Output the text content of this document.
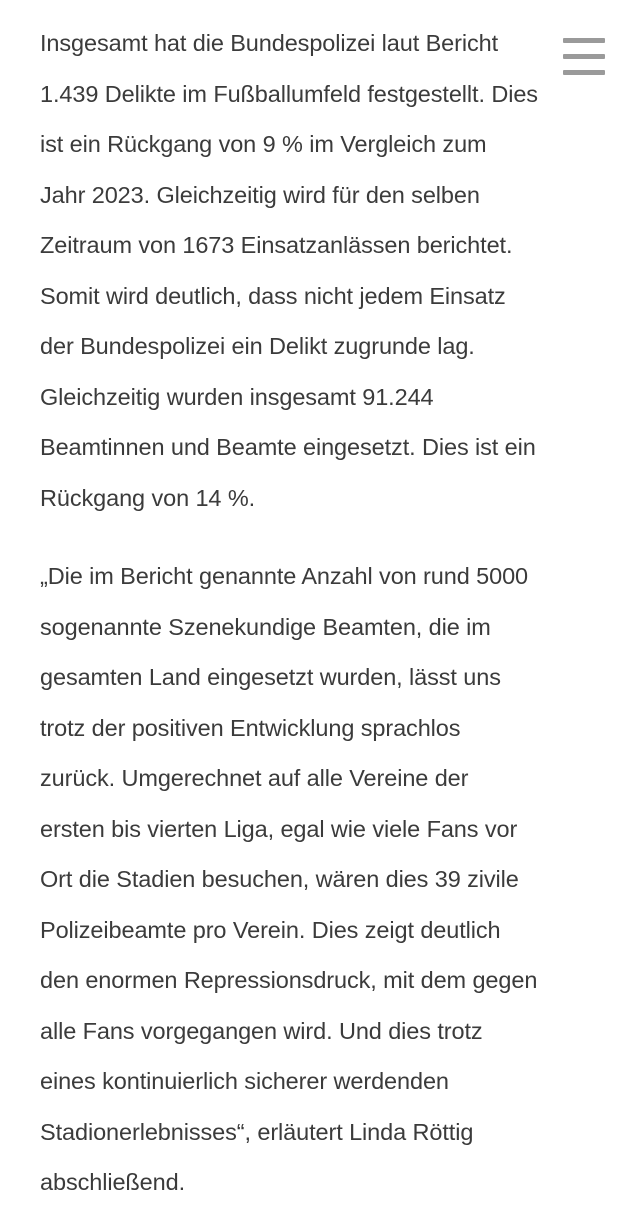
Insgesamt hat die Bundespolizei laut Bericht
1.439 Delikte im Fußballumfeld festgestellt. Dies
ist ein Rückgang von 9 % im Vergleich zum
Jahr 2023. Gleichzeitig wird für den selben
Zeitraum von 1673 Einsatzanlässen berichtet.
Somit wird deutlich, dass nicht jedem Einsatz
der Bundespolizei ein Delikt zugrunde lag.
Gleichzeitig wurden insgesamt 91.244
Beamtinnen und Beamte eingesetzt. Dies ist ein
Rückgang von 14 %.

„Die im Bericht genannte Anzahl von rund 5000
sogenannte Szenekundige Beamten, die im
gesamten Land eingesetzt wurden, lässt uns
trotz der positiven Entwicklung sprachlos
zurück. Umgerechnet auf alle Vereine der
ersten bis vierten Liga, egal wie viele Fans vor
Ort die Stadien besuchen, wären dies 39 zivile
Polizeibeamte pro Verein. Dies zeigt deutlich
den enormen Repressionsdruck, mit dem gegen
alle Fans vorgegangen wird. Und dies trotz
eines kontinuierlich sicherer werdenden
Stadionerlebnisses“, erläutert Linda Röttig
abschließend.
